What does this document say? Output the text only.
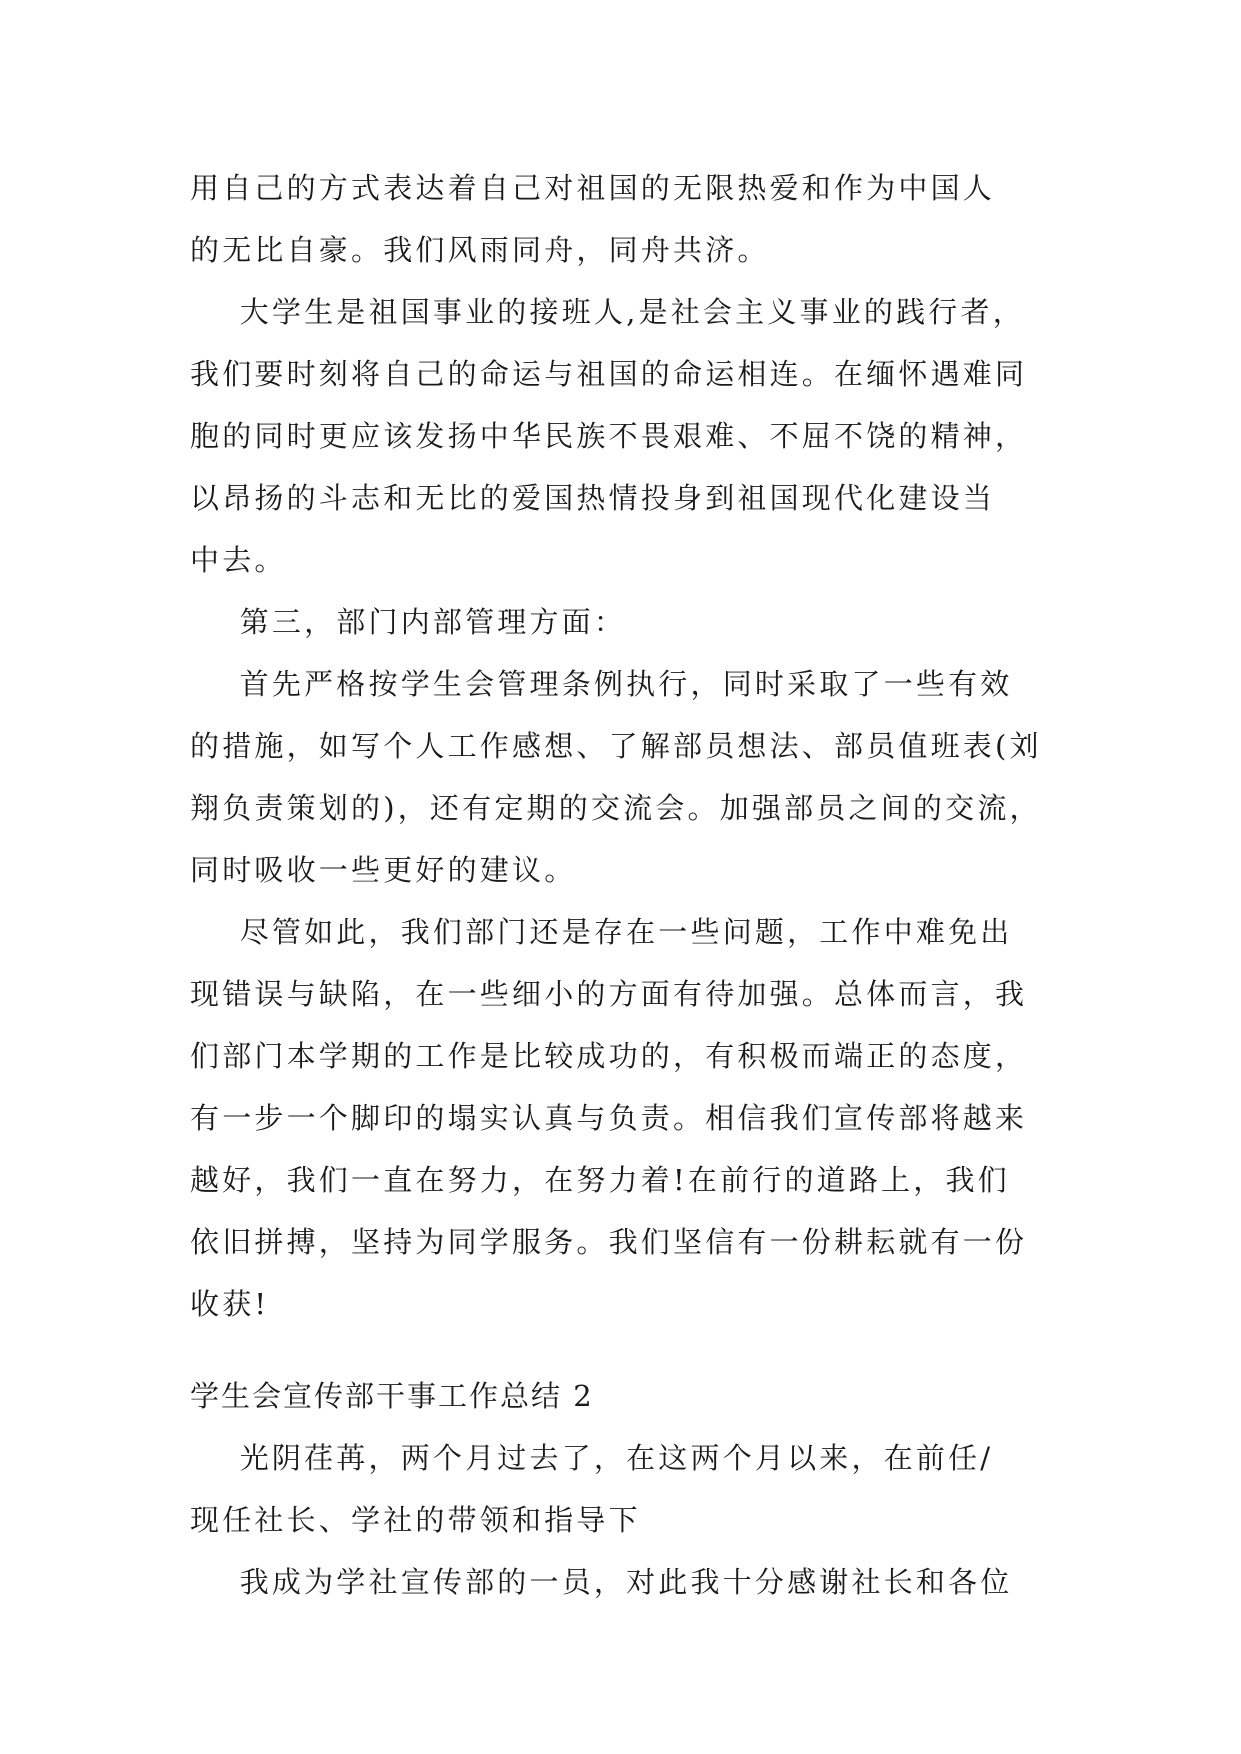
用自己的方式表达着自己对祖国的无限热爱和作为中国人

的无比自豪。我们风雨同舟，同舟共济。

大学生是祖国事业的接班人,是社会主义事业的践行者，

我们要时刻将自己的命运与祖国的命运相连。在缅怀遇难同

胞的同时更应该发扬中华民族不畏艰难、不屈不饶的精神，

以昂扬的斗志和无比的爱国热情投身到祖国现代化建设当

中去。

第三，部门内部管理方面：

首先严格按学生会管理条例执行，同时采取了一些有效

的措施，如写个人工作感想、了解部员想法、部员值班表(刘

翔负责策划的)，还有定期的交流会。加强部员之间的交流，

同时吸收一些更好的建议。

尽管如此，我们部门还是存在一些问题，工作中难免出

现错误与缺陷，在一些细小的方面有待加强。总体而言，我

们部门本学期的工作是比较成功的，有积极而端正的态度，

有一步一个脚印的塌实认真与负责。相信我们宣传部将越来

越好，我们一直在努力，在努力着!在前行的道路上，我们

依旧拼搏，坚持为同学服务。我们坚信有一份耕耘就有一份

收获!

学生会宣传部干事工作总结 2

光阴荏苒，两个月过去了，在这两个月以来，在前任/

现任社长、学社的带领和指导下

我成为学社宣传部的一员，对此我十分感谢社长和各位
